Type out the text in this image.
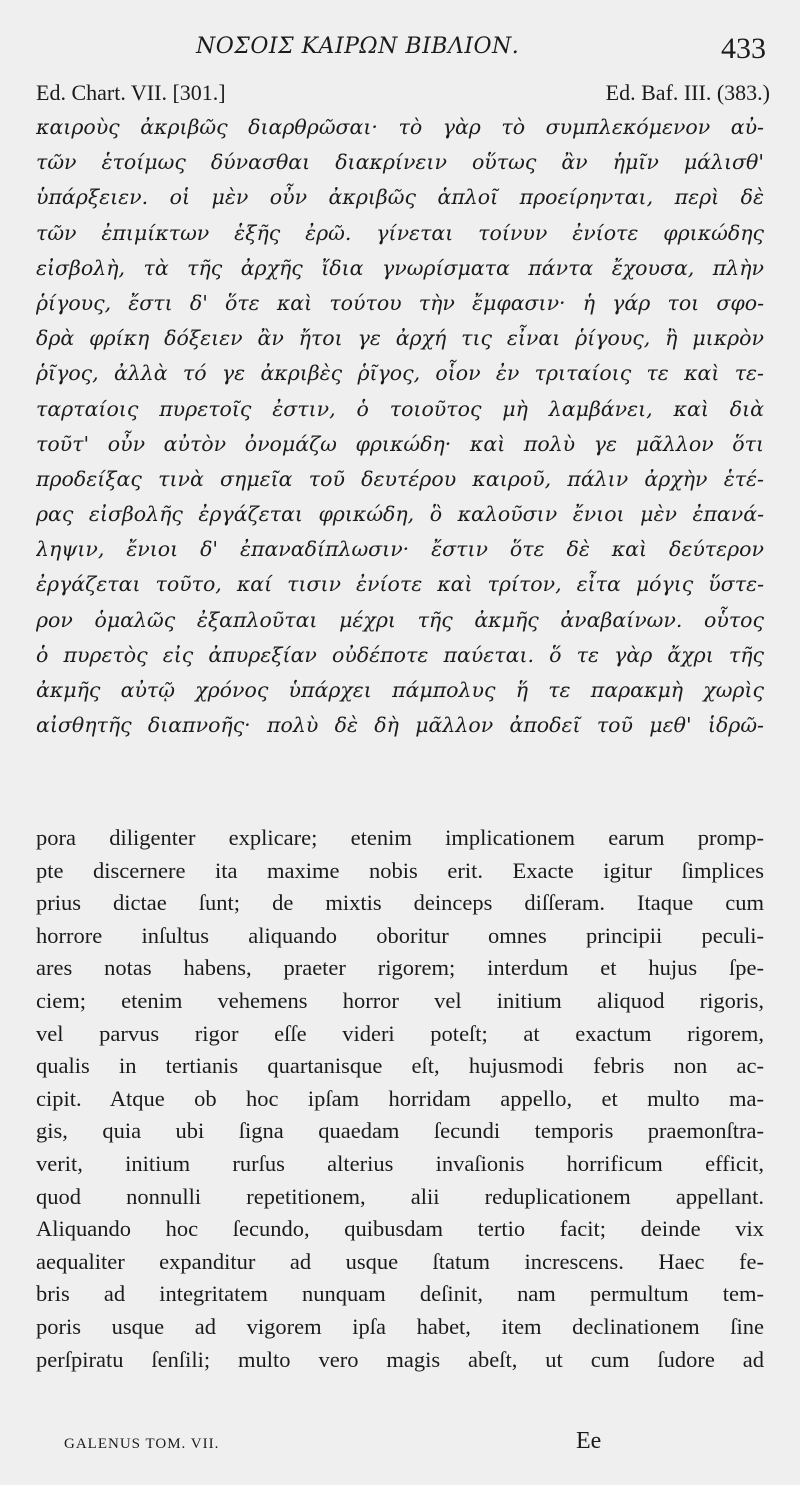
ΝΟΣΟΙΣ ΚΑΙΡΩΝ ΒΙΒΛΙΟΝ.	433
Ed. Chart. VII. [301.]	Ed. Baf. III. (383.)
καιροὺς ἀκριβῶς διαρθρῶσαι· τὸ γὰρ τὸ συμπλεκόμενον αὐ-
τῶν ἑτοίμως δύνασθαι διακρίνειν οὕτως ἂν ἡμῖν μάλισθ'
ὑπάρξειεν. οἱ μὲν οὖν ἀκριβῶς ἁπλοῖ προείρηνται, περὶ δὲ
τῶν ἐπιμίκτων ἑξῆς ἐρῶ. γίνεται τοίνυν ἐνίοτε φρικώδης
εἰσβολὴ, τὰ τῆς ἀρχῆς ἴδια γνωρίσματα πάντα ἔχουσα, πλὴν
ῥίγους, ἔστι δ' ὅτε καὶ τούτου τὴν ἔμφασιν· ἡ γάρ τοι σφο-
δρὰ φρίκη δόξειεν ἂν ἤτοι γε ἀρχή τις εἶναι ῥίγους, ἢ μικρὸν
ῥῖγος, ἀλλὰ τό γε ἀκριβὲς ῥῖγος, οἷον ἐν τριταίοις τε καὶ τε-
ταρταίοις πυρετοῖς ἐστιν, ὁ τοιοῦτος μὴ λαμβάνει, καὶ διὰ
τοῦτ' οὖν αὐτὸν ὀνομάζω φρικώδη· καὶ πολὺ γε μᾶλλον ὅτι
προδείξας τινὰ σημεῖα τοῦ δευτέρου καιροῦ, πάλιν ἀρχὴν ἑτέ-
ρας εἰσβολῆς ἐργάζεται φρικώδη, ὃ καλοῦσιν ἔνιοι μὲν ἐπανά-
ληψιν, ἔνιοι δ' ἐπαναδίπλωσιν· ἔστιν ὅτε δὲ καὶ δεύτερον
ἐργάζεται τοῦτο, καί τισιν ἐνίοτε καὶ τρίτον, εἶτα μόγις ὕστε-
ρον ὁμαλῶς ἐξαπλοῦται μέχρι τῆς ἀκμῆς ἀναβαίνων. οὗτος
ὁ πυρετὸς εἰς ἀπυρεξίαν οὐδέποτε παύεται. ὅ τε γὰρ ἄχρι τῆς
ἀκμῆς αὐτῷ χρόνος ὑπάρχει πάμπολυς ἥ τε παρακμὴ χωρὶς
αἰσθητῆς διαπνοῆς· πολὺ δὲ δὴ μᾶλλον ἀποδεῖ τοῦ μεθ' ἱδρῶ-
pora diligenter explicare; etenim implicationem earum promp-
pte discernere ita maxime nobis erit. Exacte igitur ſimplices
prius dictae ſunt; de mixtis deinceps diſſeram. Itaque cum
horrore inſultus aliquando oboritur omnes principii peculi-
ares notas habens, praeter rigorem; interdum et hujus ſpe-
ciem; etenim vehemens horror vel initium aliquod rigoris,
vel parvus rigor eſſe videri poteſt; at exactum rigorem,
qualis in tertianis quartanisque eſt, hujusmodi febris non ac-
cipit. Atque ob hoc ipſam horridam appello, et multo ma-
gis, quia ubi ſigna quaedam ſecundi temporis praemonſtra-
verit, initium rurſus alterius invaſionis horrificum efficit,
quod nonnulli repetitionem, alii reduplicationem appellant.
Aliquando hoc ſecundo, quibusdam tertio facit; deinde vix
aequaliter expanditur ad usque ſtatum increscens. Haec fe-
bris ad integritatem nunquam deſinit, nam permultum tem-
poris usque ad vigorem ipſa habet, item declinationem ſine
perſpiratu ſenſili; multo vero magis abeſt, ut cum ſudore ad
GALENUS TOM. VII.	Ee
